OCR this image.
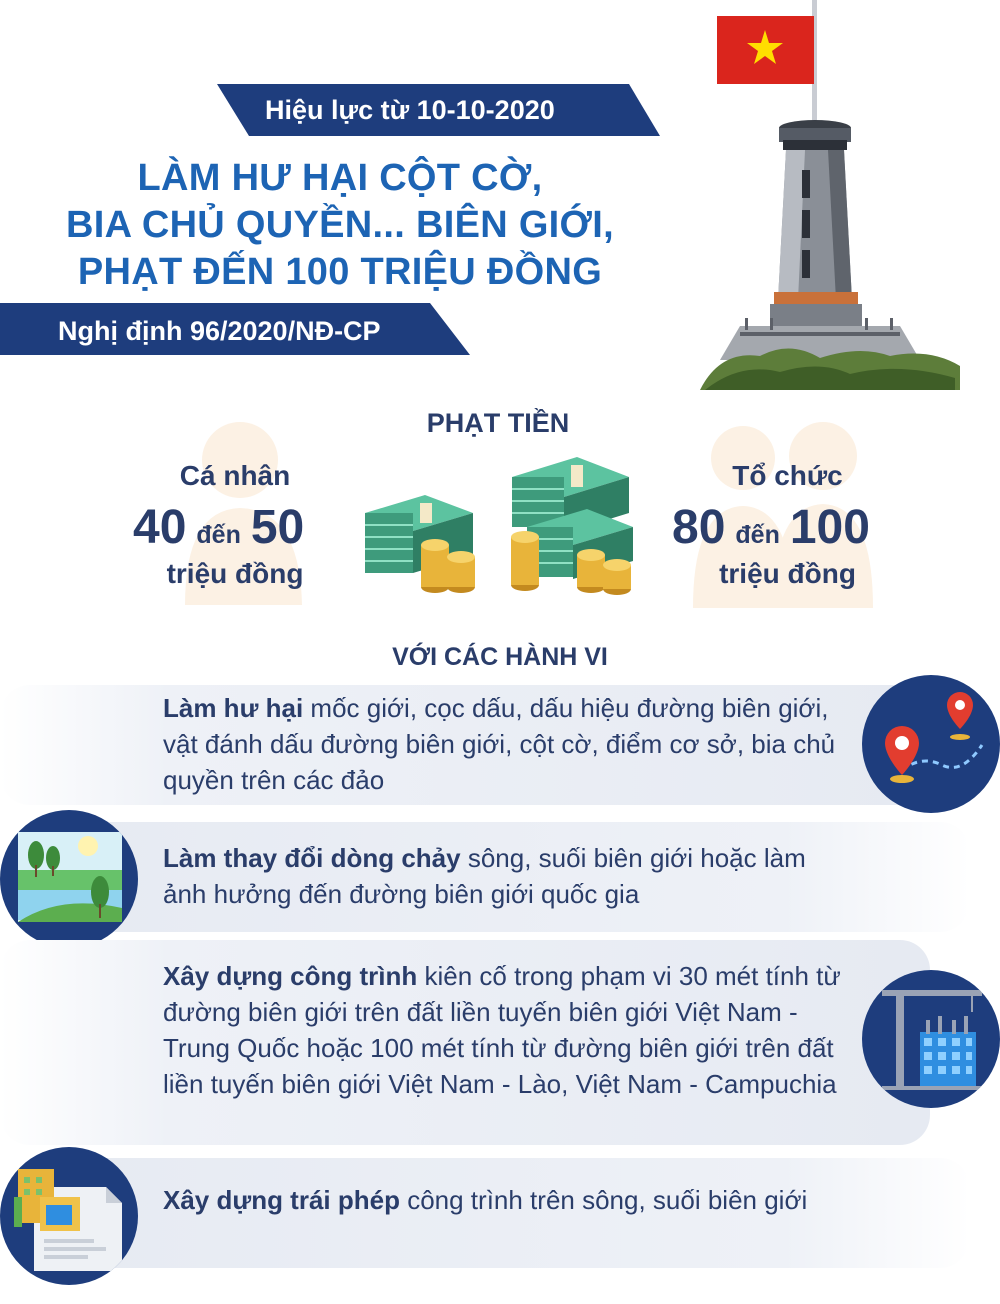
Hiệu lực từ 10-10-2020
LÀM HƯ HẠI CỘT CỜ,
BIA CHỦ QUYỀN... BIÊN GIỚI,
PHẠT ĐẾN 100 TRIỆU ĐỒNG
Nghị định 96/2020/NĐ-CP
PHẠT TIỀN
Cá nhân
40 đến 50
triệu đồng
Tổ chức
80 đến 100
triệu đồng
VỚI CÁC HÀNH VI
Làm hư hại mốc giới, cọc dấu, dấu hiệu đường biên giới, vật đánh dấu đường biên giới, cột cờ, điểm cơ sở, bia chủ quyền trên các đảo
Làm thay đổi dòng chảy sông, suối biên giới hoặc làm ảnh hưởng đến đường biên giới quốc gia
Xây dựng công trình kiên cố trong phạm vi 30 mét tính từ đường biên giới trên đất liền tuyến biên giới Việt Nam - Trung Quốc hoặc 100 mét tính từ đường biên giới trên đất liền tuyến biên giới Việt Nam - Lào, Việt Nam - Campuchia
Xây dựng trái phép công trình trên sông, suối biên giới
